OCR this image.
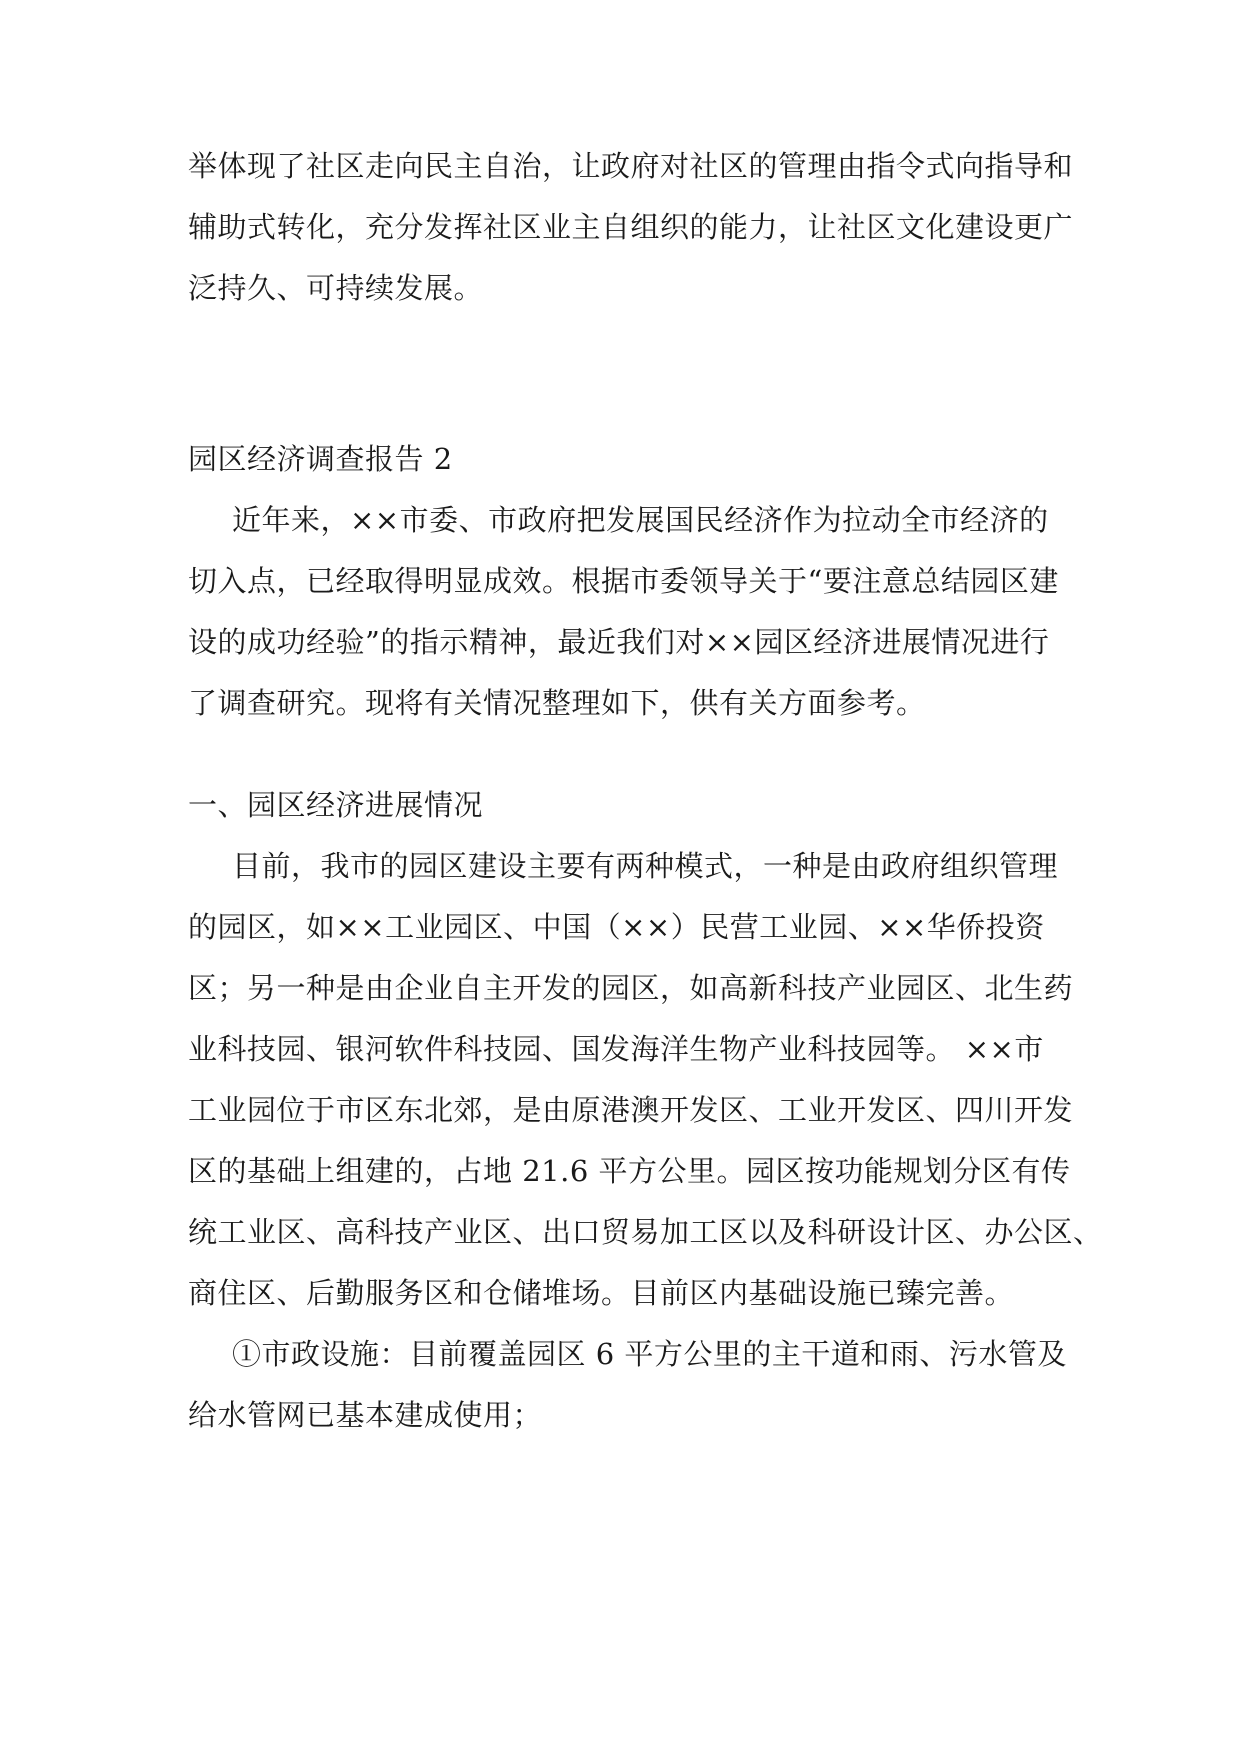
举体现了社区走向民主自治，让政府对社区的管理由指令式向指导和
辅助式转化，充分发挥社区业主自组织的能力，让社区文化建设更广
泛持久、可持续发展。
园区经济调查报告 2
近年来，××市委、市政府把发展国民经济作为拉动全市经济的
切入点，已经取得明显成效。根据市委领导关于“要注意总结园区建
设的成功经验”的指示精神，最近我们对××园区经济进展情况进行
了调查研究。现将有关情况整理如下，供有关方面参考。
一、园区经济进展情况
目前，我市的园区建设主要有两种模式，一种是由政府组织管理
的园区，如××工业园区、中国（××）民营工业园、××华侨投资
区；另一种是由企业自主开发的园区，如高新科技产业园区、北生药
业科技园、银河软件科技园、国发海洋生物产业科技园等。 ××市
工业园位于市区东北郊，是由原港澳开发区、工业开发区、四川开发
区的基础上组建的，占地 21.6 平方公里。园区按功能规划分区有传
统工业区、高科技产业区、出口贸易加工区以及科研设计区、办公区、
商住区、后勤服务区和仓储堆场。目前区内基础设施已臻完善。
①市政设施：目前覆盖园区 6 平方公里的主干道和雨、污水管及
给水管网已基本建成使用；
